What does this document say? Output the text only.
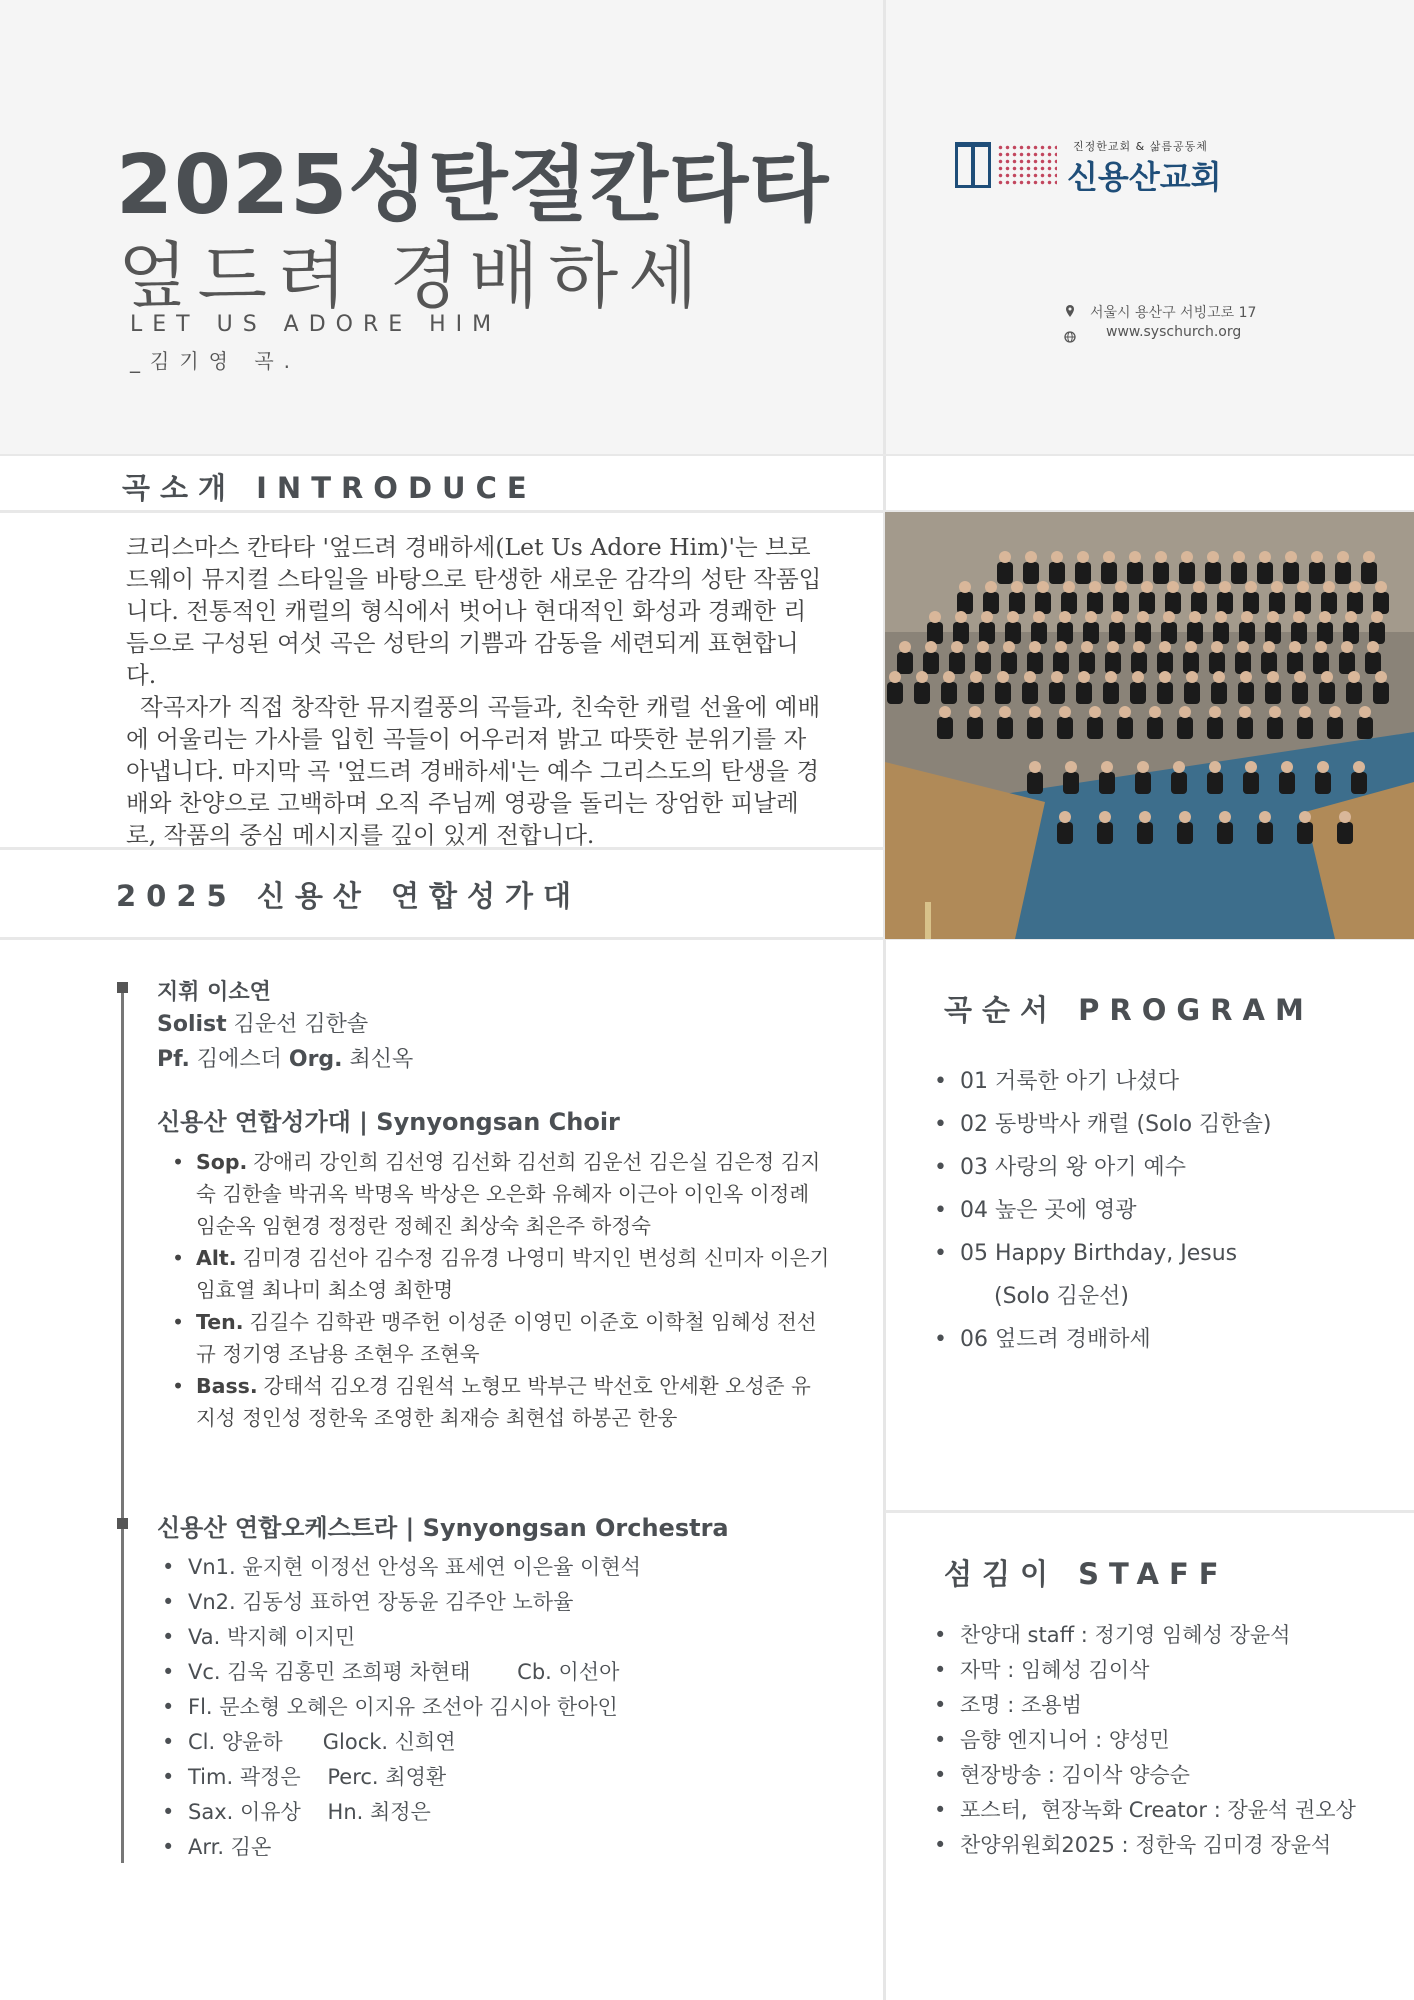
2025성탄절칸타타
엎드려 경배하세
LET US ADORE HIM
_김기영 곡.
진정한교회 & 삶름공동체
신용산교회
서울시 용산구 서빙고로 17
www.syschurch.org
곡소개 INTRODUCE

크리스마스 칸타타 '엎드려 경배하세(Let Us Adore Him)'는 브로드웨이 뮤지컬 스타일을 바탕으로 탄생한 새로운 감각의 성탄 작품입니다. 전통적인 캐럴의 형식에서 벗어나 현대적인 화성과 경쾌한 리듬으로 구성된 여섯 곡은 성탄의 기쁨과 감동을 세련되게 표현합니다.

작곡자가 직접 창작한 뮤지컬풍의 곡들과, 친숙한 캐럴 선율에 예배에 어울리는 가사를 입힌 곡들이 어우러져 밝고 따뜻한 분위기를 자아냅니다. 마지막 곡 '엎드려 경배하세'는 예수 그리스도의 탄생을 경배와 찬양으로 고백하며 오직 주님께 영광을 돌리는 장엄한 피날레로, 작품의 중심 메시지를 깊이 있게 전합니다.

2025 신용산 연합성가대
지휘 이소연
Solist 김운선 김한솔
Pf. 김에스더 Org. 최신옥
신용산 연합성가대 | Synyongsan Choir
• Sop. 강애리 강인희 김선영 김선화 김선희 김운선 김은실 김은정 김지숙 김한솔 박귀옥 박명옥 박상은 오은화 유혜자 이근아 이인옥 이정례 임순옥 임현경 정정란 정혜진 최상숙 최은주 하정숙
• Alt. 김미경 김선아 김수정 김유경 나영미 박지인 변성희 신미자 이은기 임효열 최나미 최소영 최한명
• Ten. 김길수 김학관 맹주헌 이성준 이영민 이준호 이학철 임혜성 전선규 정기영 조남용 조현우 조현욱
• Bass. 강태석 김오경 김원석 노형모 박부근 박선호 안세환 오성준 유지성 정인성 정한욱 조영한 최재승 최현섭 하봉곤 한웅
신용산 연합오케스트라 | Synyongsan Orchestra
• Vn1. 윤지현 이정선 안성옥 표세연 이은율 이현석
• Vn2. 김동성 표하연 장동윤 김주안 노하율
• Va. 박지혜 이지민
• Vc. 김욱 김홍민 조희평 차현태       Cb. 이선아
• Fl. 문소형 오혜은 이지유 조선아 김시아 한아인
• Cl. 양윤하      Glock. 신희연
• Tim. 곽정은    Perc. 최영환
• Sax. 이유상    Hn. 최정은
• Arr. 김온
곡순서 PROGRAM
• 01 거룩한 아기 나셨다
• 02 동방박사 캐럴 (Solo 김한솔)
• 03 사랑의 왕 아기 예수
• 04 높은 곳에 영광
• 05 Happy Birthday, Jesus
(Solo 김운선)
• 06 엎드려 경배하세
섬김이 STAFF
• 찬양대 staff : 정기영 임혜성 장윤석
• 자막 : 임혜성 김이삭
• 조명 : 조용범
• 음향 엔지니어 : 양성민
• 현장방송 : 김이삭 양승순
• 포스터,  현장녹화 Creator : 장윤석 권오상
• 찬양위원회2025 : 정한욱 김미경 장윤석
